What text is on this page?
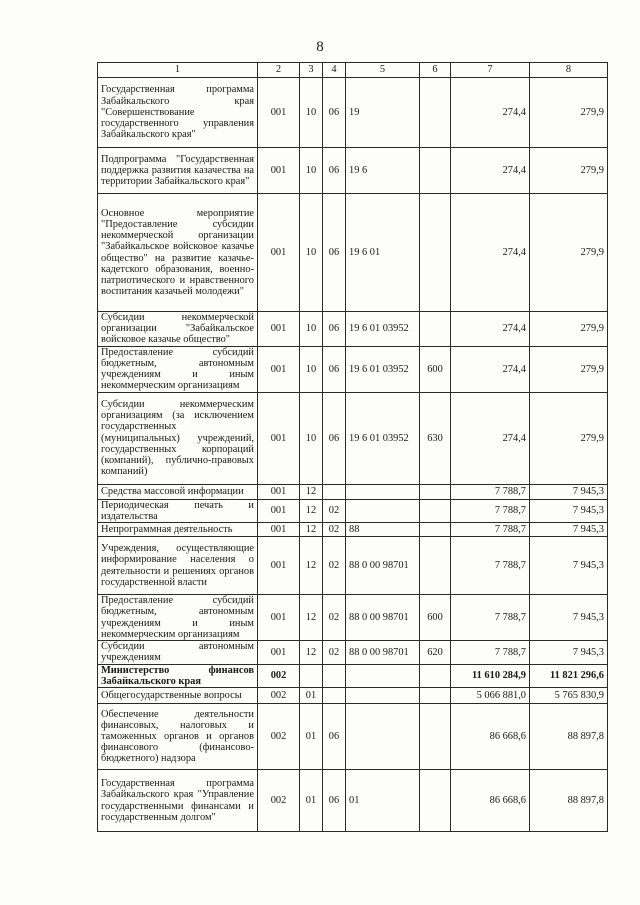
8
1	2	3	4	5	6	7	8
Государственная программа Забайкальского края "Совершенствование государственного управления Забайкальского края"	001	10	06	19		274,4	279,9
Подпрограмма "Государственная поддержка развития казачества на территории Забайкальского края"	001	10	06	19 6		274,4	279,9
Основное мероприятие "Предоставление субсидии некоммерческой организации "Забайкальское войсковое казачье общество" на развитие казачье-кадетского образования, военно-патриотического и нравственного воспитания казачьей молодежи"	001	10	06	19 6 01		274,4	279,9
Субсидии некоммерческой организации "Забайкальское войсковое казачье общество"	001	10	06	19 6 01 03952		274,4	279,9
Предоставление субсидий бюджетным, автономным учреждениям и иным некоммерческим организациям	001	10	06	19 6 01 03952	600	274,4	279,9
Субсидии некоммерческим организациям (за исключением государственных (муниципальных) учреждений, государственных корпораций (компаний), публично-правовых компаний)	001	10	06	19 6 01 03952	630	274,4	279,9
Средства массовой информации	001	12				7 788,7	7 945,3
Периодическая печать и издательства	001	12	02			7 788,7	7 945,3
Непрограммная деятельность	001	12	02	88		7 788,7	7 945,3
Учреждения, осуществляющие информирование населения о деятельности и решениях органов государственной власти	001	12	02	88 0 00 98701		7 788,7	7 945,3
Предоставление субсидий бюджетным, автономным учреждениям и иным некоммерческим организациям	001	12	02	88 0 00 98701	600	7 788,7	7 945,3
Субсидии автономным учреждениям	001	12	02	88 0 00 98701	620	7 788,7	7 945,3
Министерство финансов Забайкальского края	002					11 610 284,9	11 821 296,6
Общегосударственные вопросы	002	01				5 066 881,0	5 765 830,9
Обеспечение деятельности финансовых, налоговых и таможенных органов и органов финансового (финансово-бюджетного) надзора	002	01	06			86 668,6	88 897,8
Государственная программа Забайкальского края "Управление государственными финансами и государственным долгом"	002	01	06	01		86 668,6	88 897,8
